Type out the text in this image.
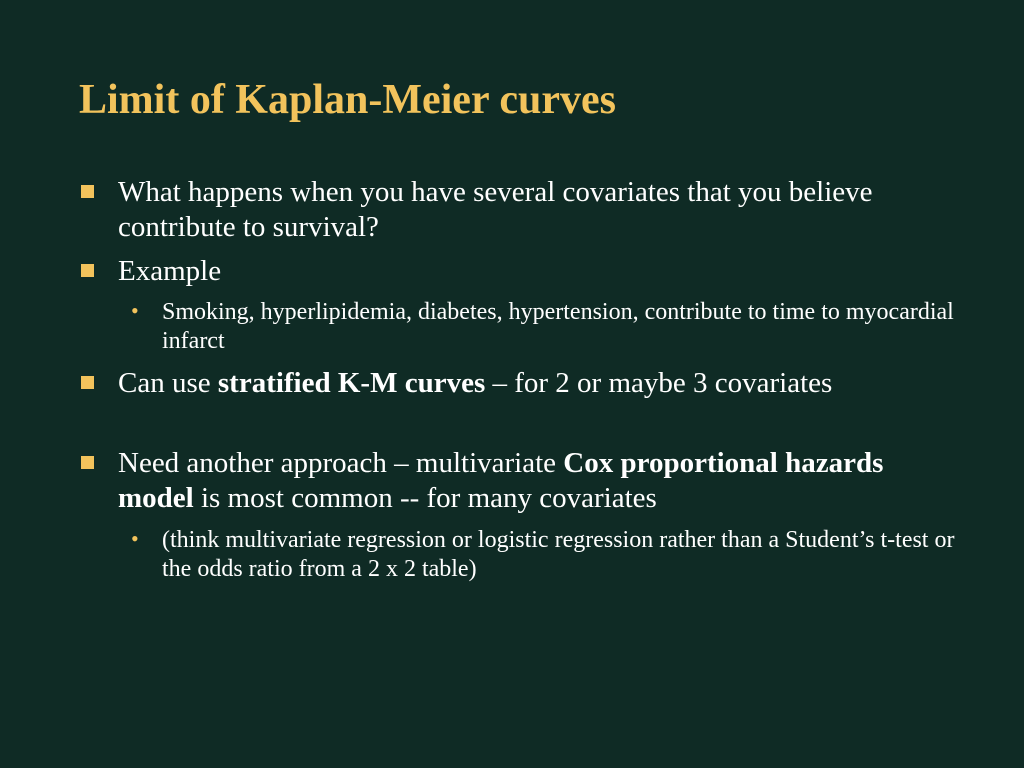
Limit of Kaplan-Meier curves
What happens when you have several covariates that you believe contribute to survival?
Example
• Smoking, hyperlipidemia, diabetes, hypertension, contribute to time to myocardial infarct
Can use stratified K-M curves – for 2 or maybe 3 covariates
Need another approach – multivariate Cox proportional hazards model is most common -- for many covariates
• (think multivariate regression or logistic regression rather than a Student’s t-test or the odds ratio from a 2 x 2 table)
